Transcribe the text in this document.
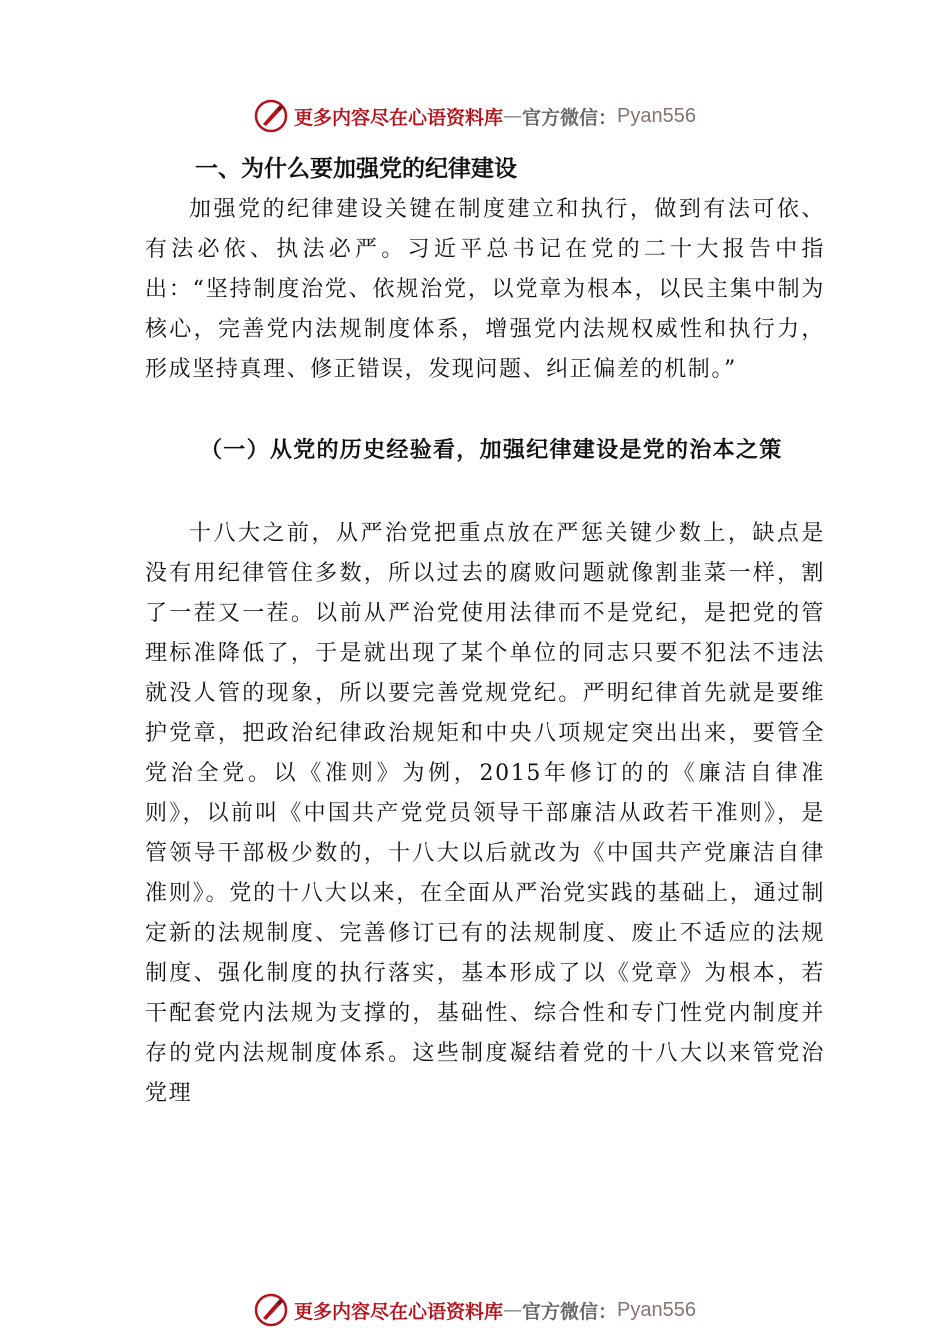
更多内容尽在心语资料库 — 官方微信： Pyan556
一、为什么要加强党的纪律建设
加强党的纪律建设关键在制度建立和执行，做到有法可依、有法必依、执法必严。习近平总书记在党的二十大报告中指出：“坚持制度治党、依规治党，以党章为根本，以民主集中制为核心，完善党内法规制度体系，增强党内法规权威性和执行力，形成坚持真理、修正错误，发现问题、纠正偏差的机制。”
（一）从党的历史经验看，加强纪律建设是党的治本之策
十八大之前，从严治党把重点放在严惩关键少数上，缺点是没有用纪律管住多数，所以过去的腐败问题就像割韭菜一样，割了一茬又一茬。以前从严治党使用法律而不是党纪，是把党的管理标准降低了，于是就出现了某个单位的同志只要不犯法不违法就没人管的现象，所以要完善党规党纪。严明纪律首先就是要维护党章，把政治纪律政治规矩和中央八项规定突出出来，要管全党治全党。以《准则》为例，2015年修订的的《廉洁自律准则》，以前叫《中国共产党党员领导干部廉洁从政若干准则》，是管领导干部极少数的，十八大以后就改为《中国共产党廉洁自律准则》。党的十八大以来，在全面从严治党实践的基础上，通过制定新的法规制度、完善修订已有的法规制度、废止不适应的法规制度、强化制度的执行落实，基本形成了以《党章》为根本，若干配套党内法规为支撑的，基础性、综合性和专门性党内制度并存的党内法规制度体系。这些制度凝结着党的十八大以来管党治党理
更多内容尽在心语资料库 — 官方微信： Pyan556
